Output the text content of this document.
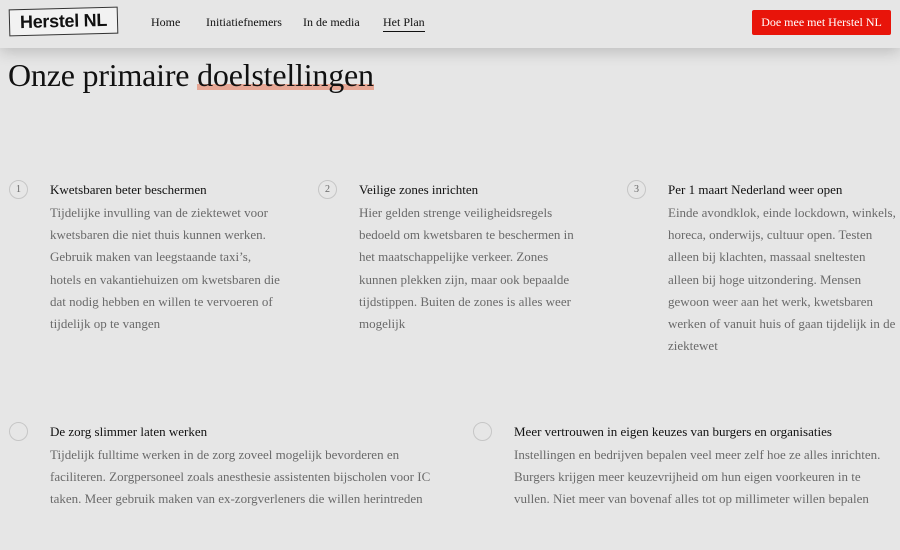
Herstel NL	Home Initiatiefnemers In de media Het Plan	Doe mee met Herstel NL
Onze primaire doelstellingen
1	Kwetsbaren beter beschermen

Tijdelijke invulling van de ziektewet voor kwetsbaren die niet thuis kunnen werken. Gebruik maken van leegstaande taxi’s, hotels en vakantiehuizen om kwetsbaren die dat nodig hebben en willen te vervoeren of tijdelijk op te vangen

2	Veilige zones inrichten

Hier gelden strenge veiligheidsregels bedoeld om kwetsbaren te beschermen in het maatschappelijke verkeer. Zones kunnen plekken zijn, maar ook bepaalde tijdstippen. Buiten de zones is alles weer mogelijk

3	Per 1 maart Nederland weer open

Einde avondklok, einde lockdown, winkels, horeca, onderwijs, cultuur open. Testen alleen bij klachten, massaal sneltesten alleen bij hoge uitzondering. Mensen gewoon weer aan het werk, kwetsbaren werken of vanuit huis of gaan tijdelijk in de ziektewet

De zorg slimmer laten werken

Tijdelijk fulltime werken in de zorg zoveel mogelijk bevorderen en faciliteren. Zorgpersoneel zoals anesthesie assistenten bijscholen voor IC taken. Meer gebruik maken van ex-zorgverleners die willen herintreden

Meer vertrouwen in eigen keuzes van burgers en organisaties

Instellingen en bedrijven bepalen veel meer zelf hoe ze alles inrichten. Burgers krijgen meer keuzevrijheid om hun eigen voorkeuren in te vullen. Niet meer van bovenaf alles tot op millimeter willen bepalen
